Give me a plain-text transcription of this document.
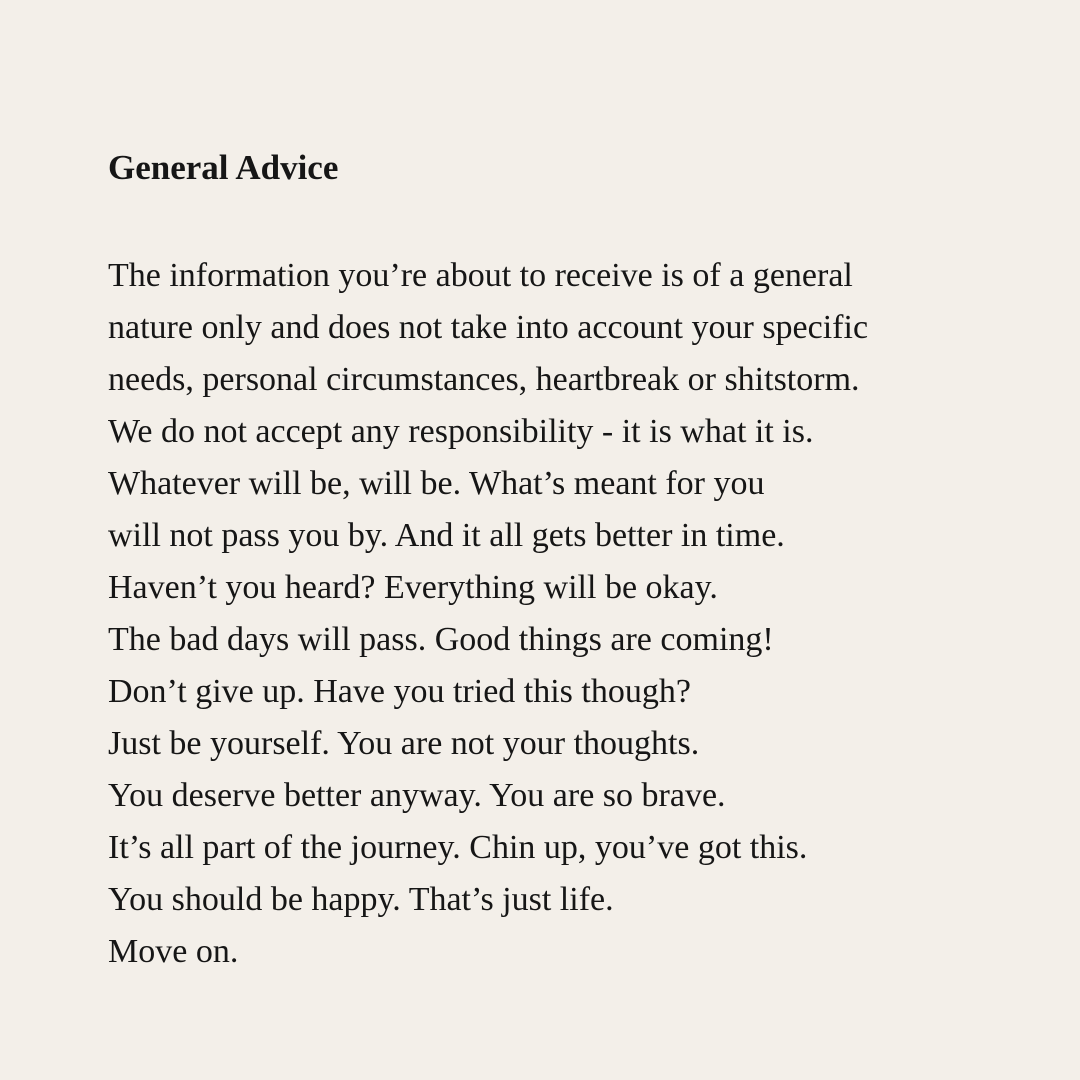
General Advice
The information you’re about to receive is of a general
nature only and does not take into account your specific
needs, personal circumstances, heartbreak or shitstorm.
We do not accept any responsibility - it is what it is.
Whatever will be, will be. What’s meant for you
will not pass you by. And it all gets better in time.
Haven’t you heard? Everything will be okay.
The bad days will pass. Good things are coming!
Don’t give up. Have you tried this though?
Just be yourself. You are not your thoughts.
You deserve better anyway. You are so brave.
It’s all part of the journey. Chin up, you’ve got this.
You should be happy. That’s just life.
Move on.
